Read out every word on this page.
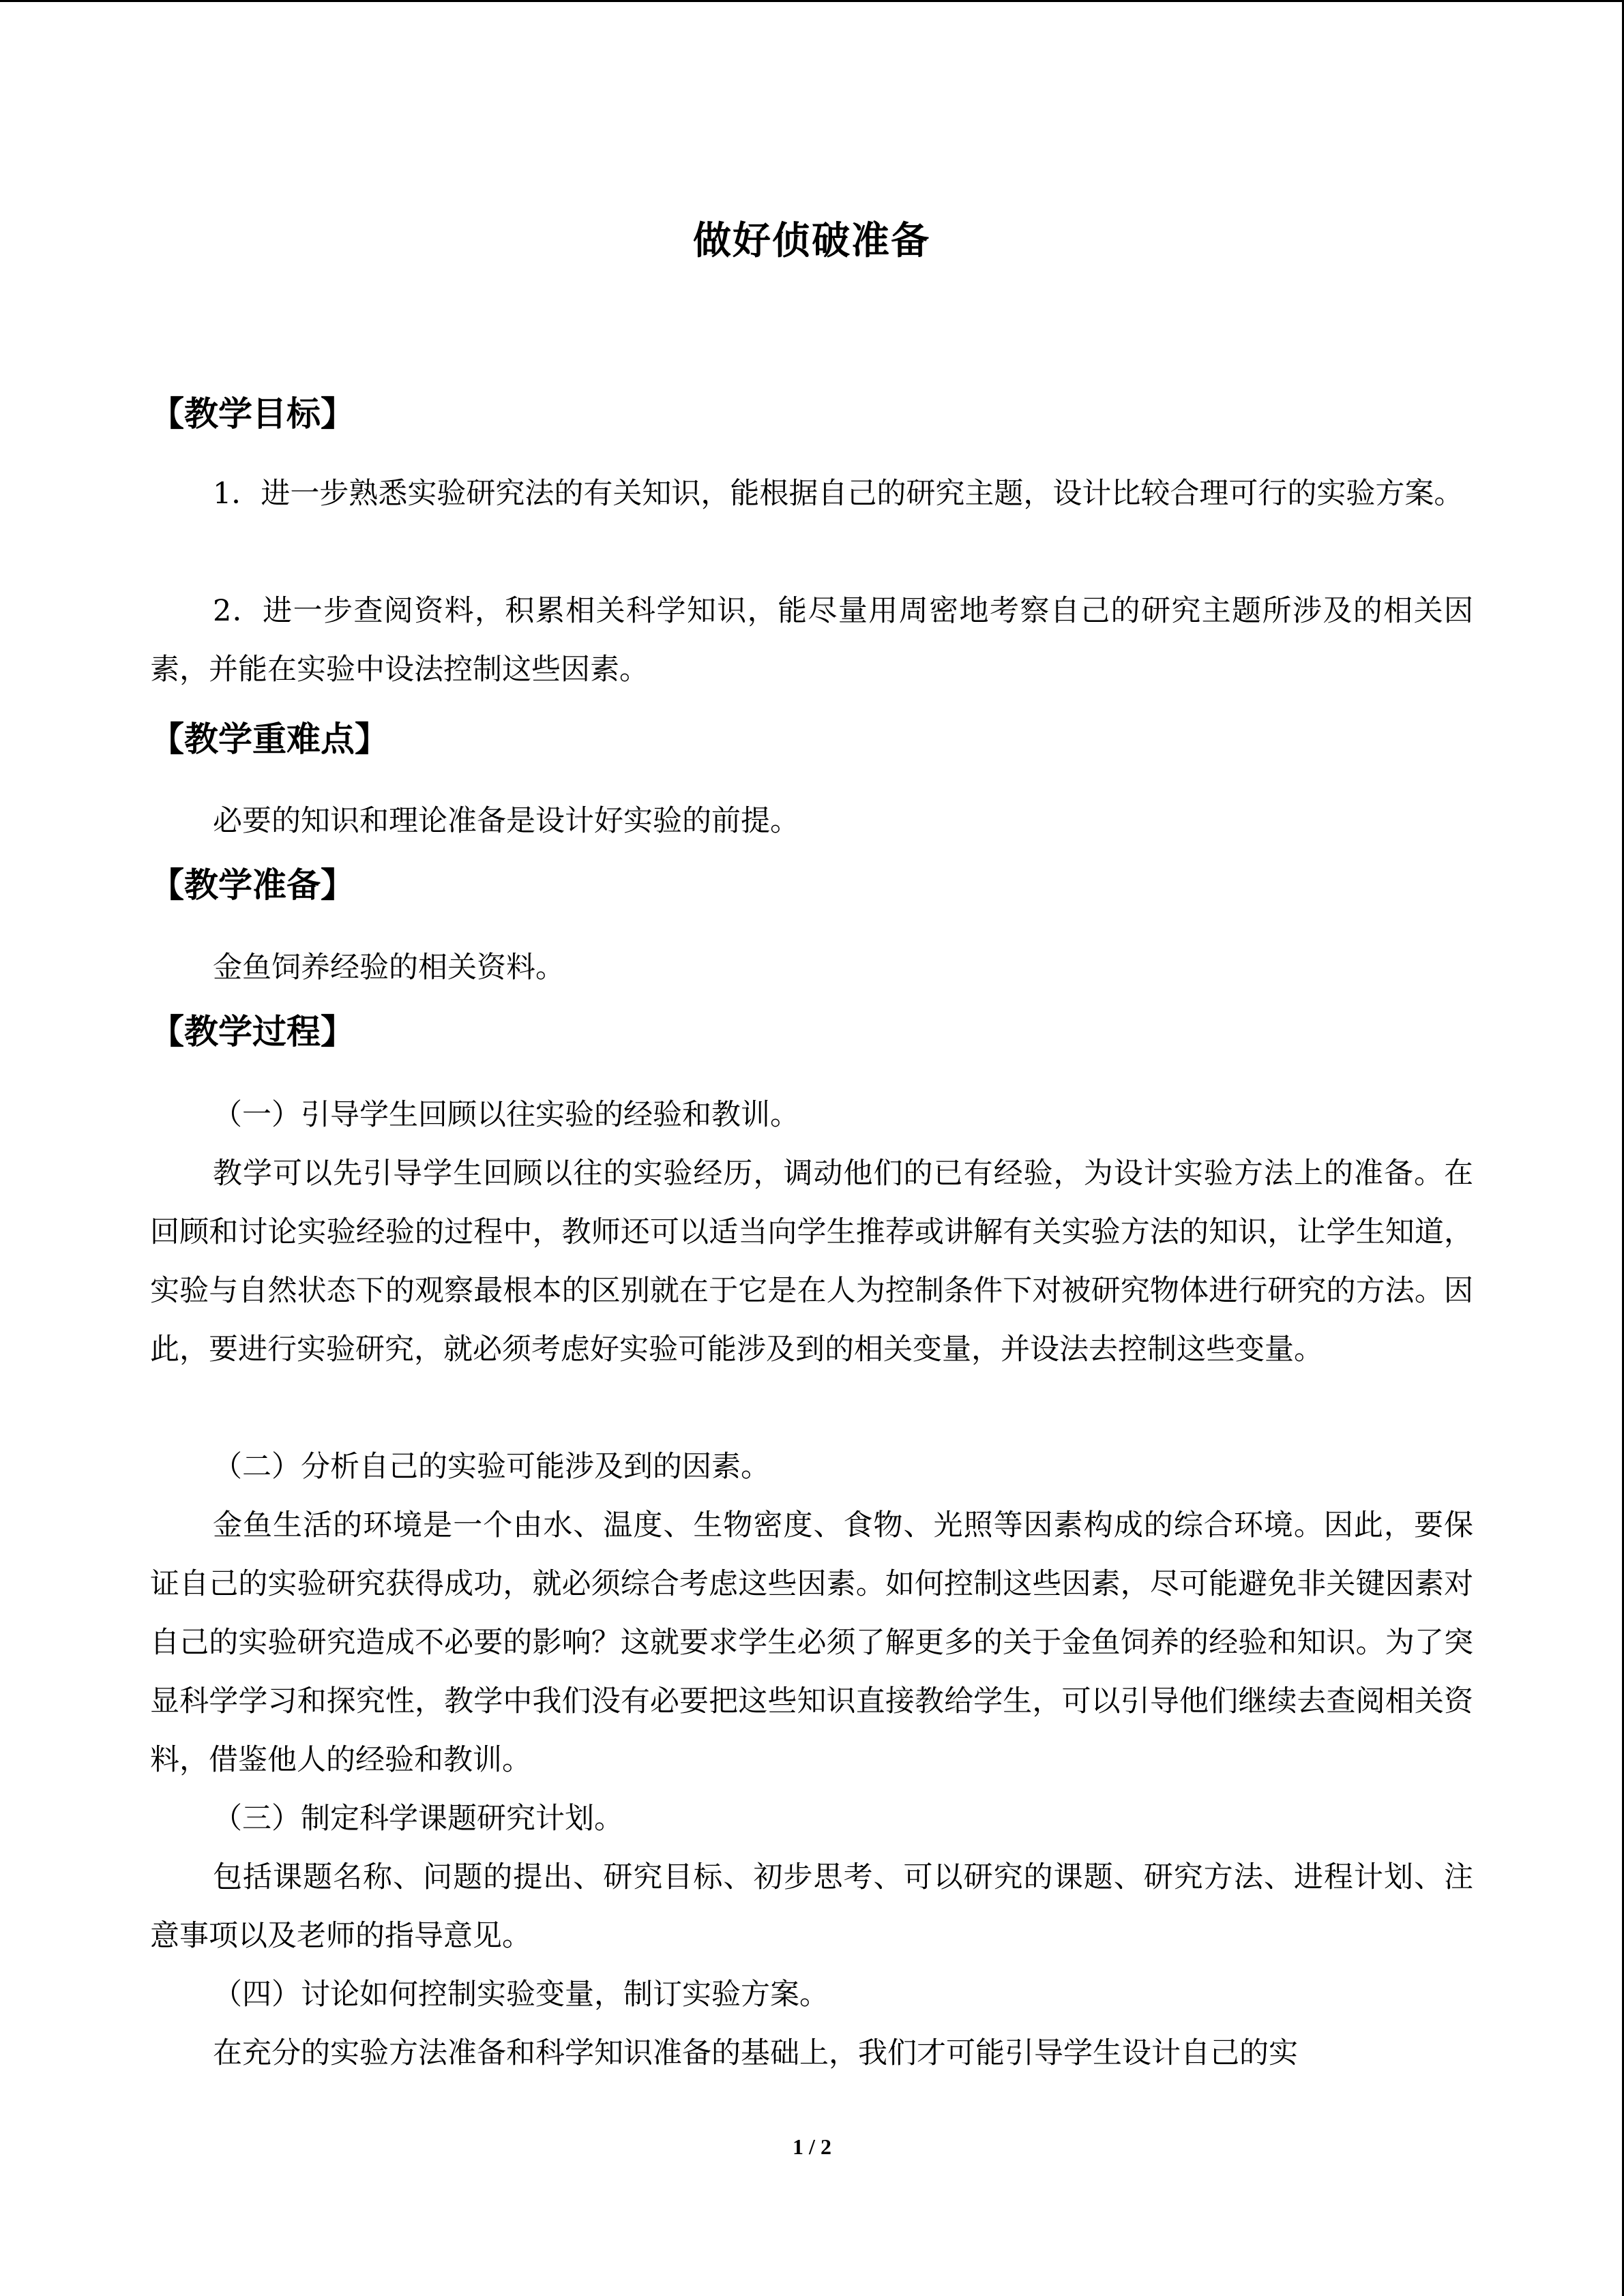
做好侦破准备
【教学目标】

1．进一步熟悉实验研究法的有关知识，能根据自己的研究主题，设计比较合理可行的实验方案。

2．进一步查阅资料，积累相关科学知识，能尽量用周密地考察自己的研究主题所涉及的相关因素，并能在实验中设法控制这些因素。

【教学重难点】

必要的知识和理论准备是设计好实验的前提。

【教学准备】

金鱼饲养经验的相关资料。

【教学过程】

（一）引导学生回顾以往实验的经验和教训。

教学可以先引导学生回顾以往的实验经历，调动他们的已有经验，为设计实验方法上的准备。在回顾和讨论实验经验的过程中，教师还可以适当向学生推荐或讲解有关实验方法的知识，让学生知道，实验与自然状态下的观察最根本的区别就在于它是在人为控制条件下对被研究物体进行研究的方法。因此，要进行实验研究，就必须考虑好实验可能涉及到的相关变量，并设法去控制这些变量。

（二）分析自己的实验可能涉及到的因素。

金鱼生活的环境是一个由水、温度、生物密度、食物、光照等因素构成的综合环境。因此，要保证自己的实验研究获得成功，就必须综合考虑这些因素。如何控制这些因素，尽可能避免非关键因素对自己的实验研究造成不必要的影响？这就要求学生必须了解更多的关于金鱼饲养的经验和知识。为了突显科学学习和探究性，教学中我们没有必要把这些知识直接教给学生，可以引导他们继续去查阅相关资料，借鉴他人的经验和教训。

（三）制定科学课题研究计划。

包括课题名称、问题的提出、研究目标、初步思考、可以研究的课题、研究方法、进程计划、注意事项以及老师的指导意见。

（四）讨论如何控制实验变量，制订实验方案。

在充分的实验方法准备和科学知识准备的基础上，我们才可能引导学生设计自己的实

1 / 2
